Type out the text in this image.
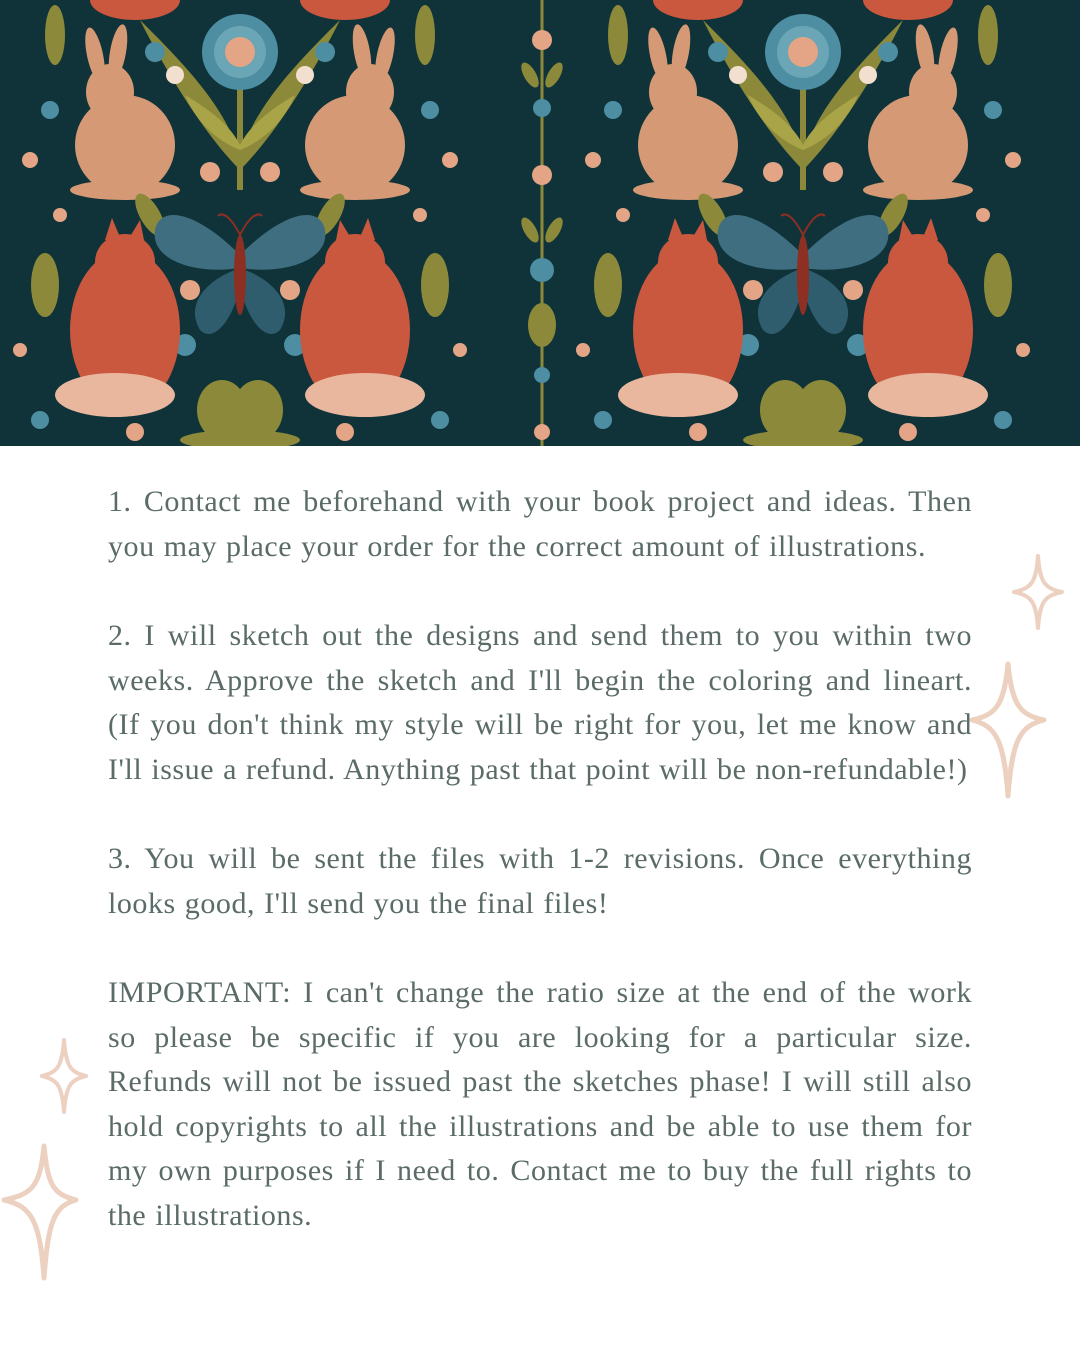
1. Contact me beforehand with your book project and ideas. Then you may place your order for the correct amount of illustrations.

2. I will sketch out the designs and send them to you within two weeks. Approve the sketch and I'll begin the coloring and lineart. (If you don't think my style will be right for you, let me know and I'll issue a refund. Anything past that point will be non-refundable!)

3. You will be sent the files with 1-2 revisions. Once everything looks good, I'll send you the final files!

IMPORTANT: I can't change the ratio size at the end of the work so please be specific if you are looking for a particular size. Refunds will not be issued past the sketches phase! I will still also hold copyrights to all the illustrations and be able to use them for my own purposes if I need to. Contact me to buy the full rights to the illustrations.
